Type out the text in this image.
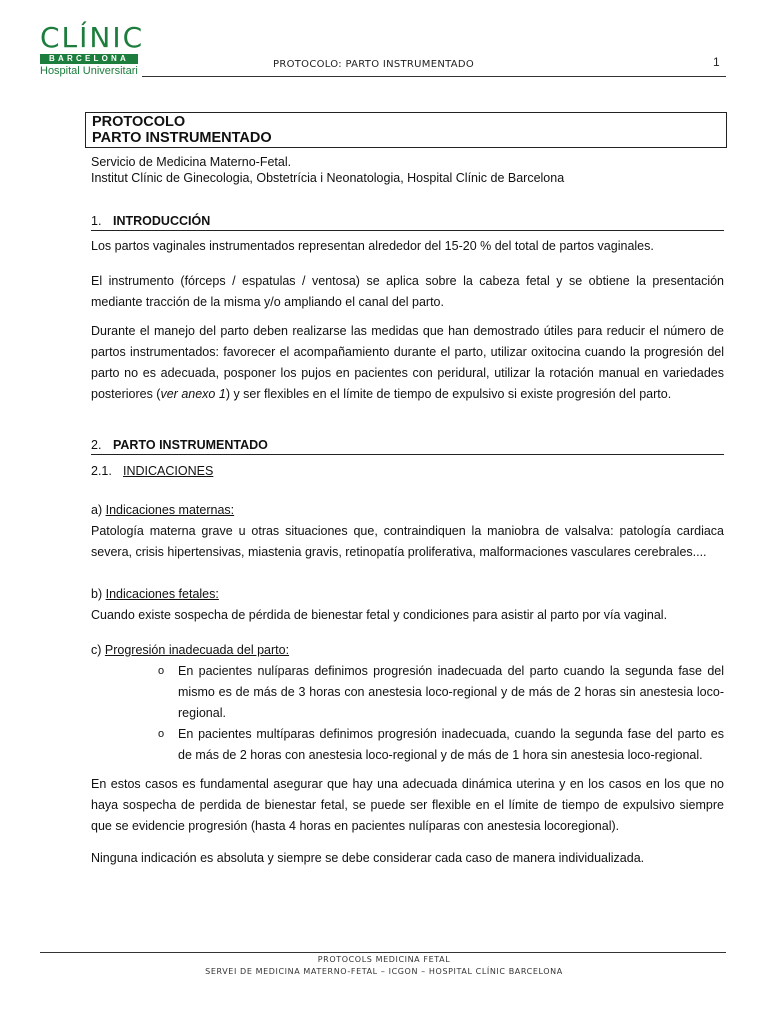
CLÍNIC
BARCELONA
Hospital Universitari
PROTOCOLO: PARTO INSTRUMENTADO	1
PROTOCOLO
PARTO INSTRUMENTADO
Servicio de Medicina Materno-Fetal.
Institut Clínic de Ginecologia, Obstetrícia i Neonatologia, Hospital Clínic de Barcelona
1. INTRODUCCIÓN

Los partos vaginales instrumentados representan alrededor del 15-20 % del total de partos vaginales.

El instrumento (fórceps / espatulas / ventosa) se aplica sobre la cabeza fetal y se obtiene la presentación mediante tracción de la misma y/o ampliando el canal del parto.

Durante el manejo del parto deben realizarse las medidas que han demostrado útiles para reducir el número de partos instrumentados: favorecer el acompañamiento durante el parto, utilizar oxitocina cuando la progresión del parto no es adecuada, posponer los pujos en pacientes con peridural, utilizar la rotación manual en variedades posteriores (ver anexo 1) y ser flexibles en el límite de tiempo de expulsivo si existe progresión del parto.

2. PARTO INSTRUMENTADO
2.1. INDICACIONES
a) Indicaciones maternas:

Patología materna grave u otras situaciones que, contraindiquen la maniobra de valsalva: patología cardiaca severa, crisis hipertensivas, miastenia gravis, retinopatía proliferativa, malformaciones vasculares cerebrales....

b) Indicaciones fetales:

Cuando existe sospecha de pérdida de bienestar fetal y condiciones para asistir al parto por vía vaginal.

c) Progresión inadecuada del parto:
o	En pacientes nulíparas definimos progresión inadecuada del parto cuando la segunda fase del mismo es de más de 3 horas con anestesia loco-regional y de más de 2 horas sin anestesia loco-regional.
o	En pacientes multíparas definimos progresión inadecuada, cuando la segunda fase del parto es de más de 2 horas con anestesia loco-regional y de más de 1 hora sin anestesia loco-regional.

En estos casos es fundamental asegurar que hay una adecuada dinámica uterina y en los casos en los que no haya sospecha de perdida de bienestar fetal, se puede ser flexible en el límite de tiempo de expulsivo siempre que se evidencie progresión (hasta 4 horas en pacientes nulíparas con anestesia locoregional).

Ninguna indicación es absoluta y siempre se debe considerar cada caso de manera individualizada.

PROTOCOLS MEDICINA FETAL
SERVEI DE MEDICINA MATERNO-FETAL – ICGON – HOSPITAL CLÍNIC BARCELONA
